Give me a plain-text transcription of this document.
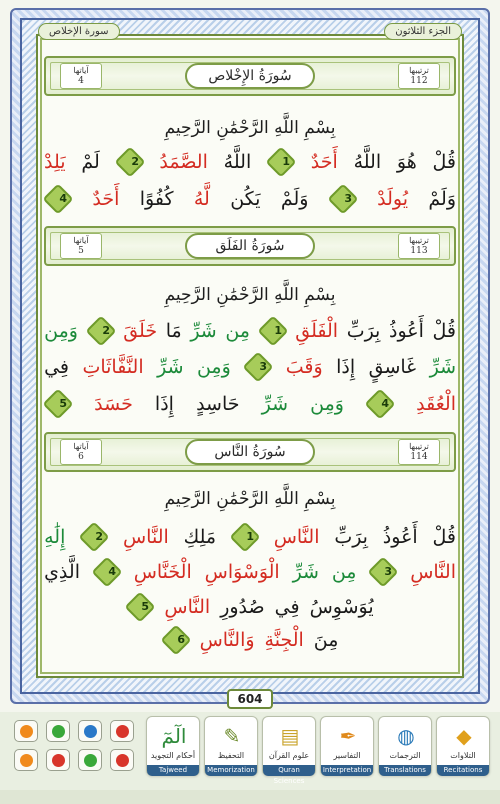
سورة الإخلاص	الجزء الثلاثون
آياتها
4	سُورَةُ الإِخْلاص	ترتيبها
112
بِسْمِ اللَّهِ الرَّحْمَٰنِ الرَّحِيمِ
قُلْ
هُوَ
اللَّهُ
أَحَدٌ
1
اللَّهُ
الصَّمَدُ
2
لَمْ
يَلِدْ
وَلَمْ
يُولَدْ
3
وَلَمْ
يَكُن
لَّهُ
كُفُوًا
أَحَدٌ
4
آياتها
5	سُورَةُ الفَلَق	ترتيبها
113
بِسْمِ اللَّهِ الرَّحْمَٰنِ الرَّحِيمِ
قُلْ
أَعُوذُ
بِرَبِّ
الْفَلَقِ
1
مِن
شَرِّ
مَا
خَلَقَ
2
وَمِن
شَرِّ
غَاسِقٍ
إِذَا
وَقَبَ
3
وَمِن
شَرِّ
النَّفَّاثَاتِ
فِي
الْعُقَدِ
4
وَمِن
شَرِّ
حَاسِدٍ
إِذَا
حَسَدَ
5
آياتها
6	سُورَةُ النَّاس	ترتيبها
114
بِسْمِ اللَّهِ الرَّحْمَٰنِ الرَّحِيمِ
قُلْ
أَعُوذُ
بِرَبِّ
النَّاسِ
1
مَلِكِ
النَّاسِ
2
إِلَٰهِ
النَّاسِ
3
مِن
شَرِّ
الْوَسْوَاسِ
الْخَنَّاسِ
4
الَّذِي
يُوَسْوِسُ
فِي
صُدُورِ
النَّاسِ
5
مِنَ
الْجِنَّةِ
وَالنَّاسِ
6
604
الٓمٓ
أحكام التجويد
Tajweed
✎
التحفيظ
Memorization
▤
علوم القرآن
Quran Sciences
✒
التفاسير
Interpretation
◍
الترجمات
Translations
◆
التلاوات
Recitations
